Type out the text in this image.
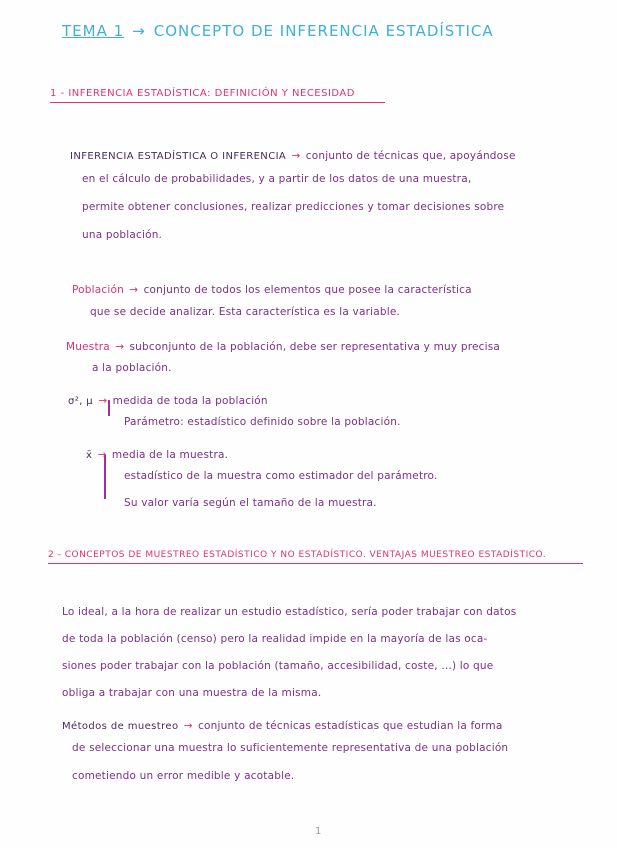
TEMA 1 → CONCEPTO DE INFERENCIA ESTADÍSTICA
1 - INFERENCIA ESTADÍSTICA: DEFINICIÓN Y NECESIDAD
INFERENCIA ESTADÍSTICA O INFERENCIA → conjunto de técnicas que, apoyándose
en el cálculo de probabilidades, y a partir de los datos de una muestra,
permite obtener conclusiones, realizar predicciones y tomar decisiones sobre
una población.
Población → conjunto de todos los elementos que posee la característica
que se decide analizar. Esta característica es la variable.
Muestra → subconjunto de la población, debe ser representativa y muy precisa
a la población.
σ², μ → medida de toda la población
Parámetro: estadístico definido sobre la población.
x̄ → media de la muestra.
estadístico de la muestra como estimador del parámetro.
Su valor varía según el tamaño de la muestra.
2 - CONCEPTOS DE MUESTREO ESTADÍSTICO Y NO ESTADÍSTICO. VENTAJAS MUESTREO ESTADÍSTICO.
Lo ideal, a la hora de realizar un estudio estadístico, sería poder trabajar con datos
de toda la población (censo) pero la realidad impide en la mayoría de las oca-
siones poder trabajar con la población (tamaño, accesibilidad, coste, ...) lo que
obliga a trabajar con una muestra de la misma.
Métodos de muestreo → conjunto de técnicas estadísticas que estudian la forma
de seleccionar una muestra lo suficientemente representativa de una población
cometiendo un error medible y acotable.
1
